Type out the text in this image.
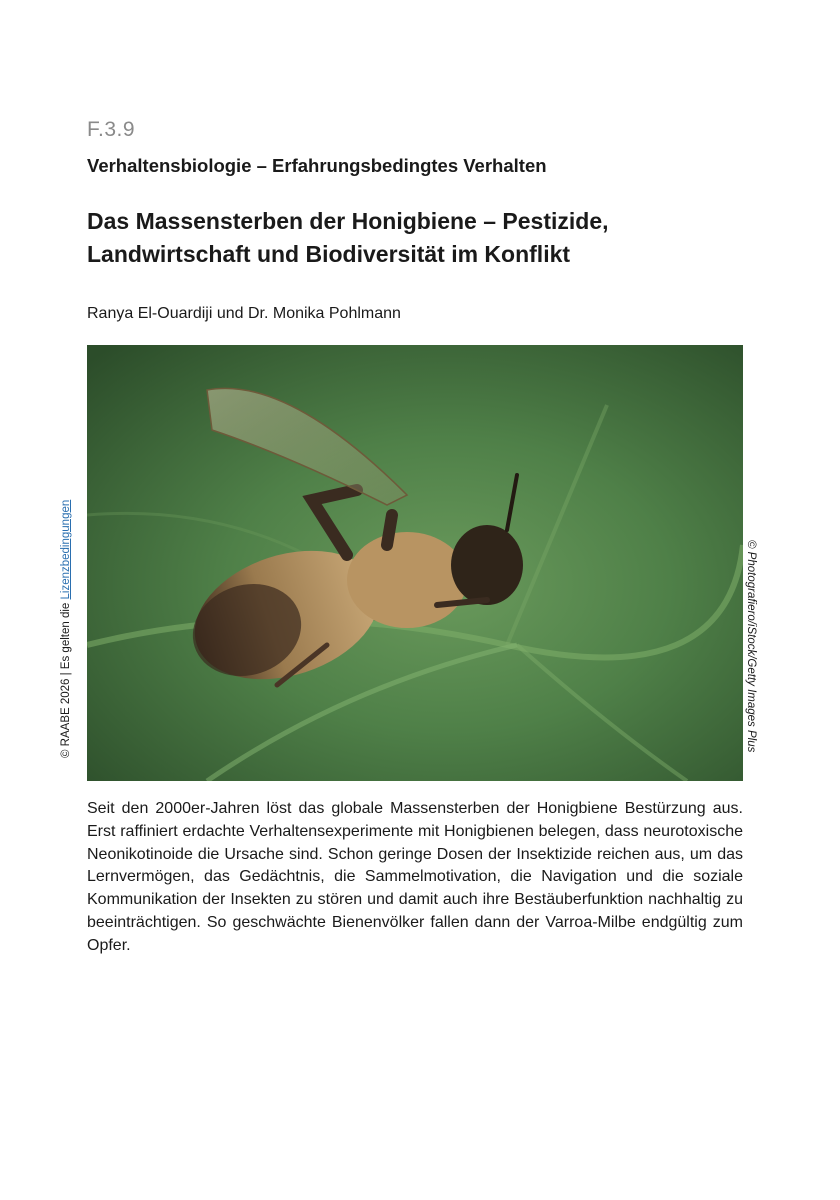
F.3.9
Verhaltensbiologie – Erfahrungsbedingtes Verhalten
Das Massensterben der Honigbiene – Pestizide, Landwirtschaft und Biodiversität im Konflikt
Ranya El-Ouardiji und Dr. Monika Pohlmann

Seit den 2000er-Jahren löst das globale Massensterben der Honigbiene Bestürzung aus. Erst raffiniert erdachte Verhaltensexperimente mit Honigbienen belegen, dass neurotoxische Neonikotinoide die Ursache sind. Schon geringe Dosen der Insektizide reichen aus, um das Lernvermögen, das Gedächtnis, die Sammelmotivation, die Navigation und die soziale Kommunikation der Insekten zu stören und damit auch ihre Bestäuberfunktion nachhaltig zu beeinträchtigen. So geschwächte Bienenvölker fallen dann der Varroa-Milbe endgültig zum Opfer.

© RAABE 2026 | Es gelten die Lizenzbedingungen	© Photografiero/iStock/Getty Images Plus
